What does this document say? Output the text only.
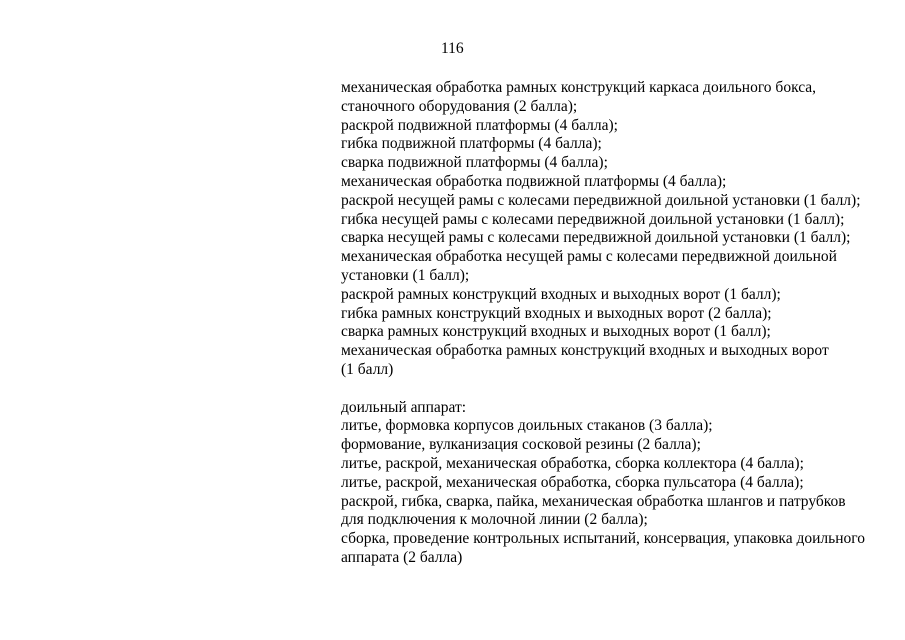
116
механическая обработка рамных конструкций каркаса доильного бокса,
станочного оборудования (2 балла);
раскрой подвижной платформы (4 балла);
гибка подвижной платформы (4 балла);
сварка подвижной платформы (4 балла);
механическая обработка подвижной платформы (4 балла);
раскрой несущей рамы с колесами передвижной доильной установки (1 балл);
гибка несущей рамы с колесами передвижной доильной установки (1 балл);
сварка несущей рамы с колесами передвижной доильной установки (1 балл);
механическая обработка несущей рамы с колесами передвижной доильной
установки (1 балл);
раскрой рамных конструкций входных и выходных ворот (1 балл);
гибка рамных конструкций входных и выходных ворот (2 балла);
сварка рамных конструкций входных и выходных ворот (1 балл);
механическая обработка рамных конструкций входных и выходных ворот
(1 балл)
доильный аппарат:
литье, формовка корпусов доильных стаканов (3 балла);
формование, вулканизация сосковой резины (2 балла);
литье, раскрой, механическая обработка, сборка коллектора (4 балла);
литье, раскрой, механическая обработка, сборка пульсатора (4 балла);
раскрой, гибка, сварка, пайка, механическая обработка шлангов и патрубков
для подключения к молочной линии (2 балла);
сборка, проведение контрольных испытаний, консервация, упаковка доильного
аппарата (2 балла)
